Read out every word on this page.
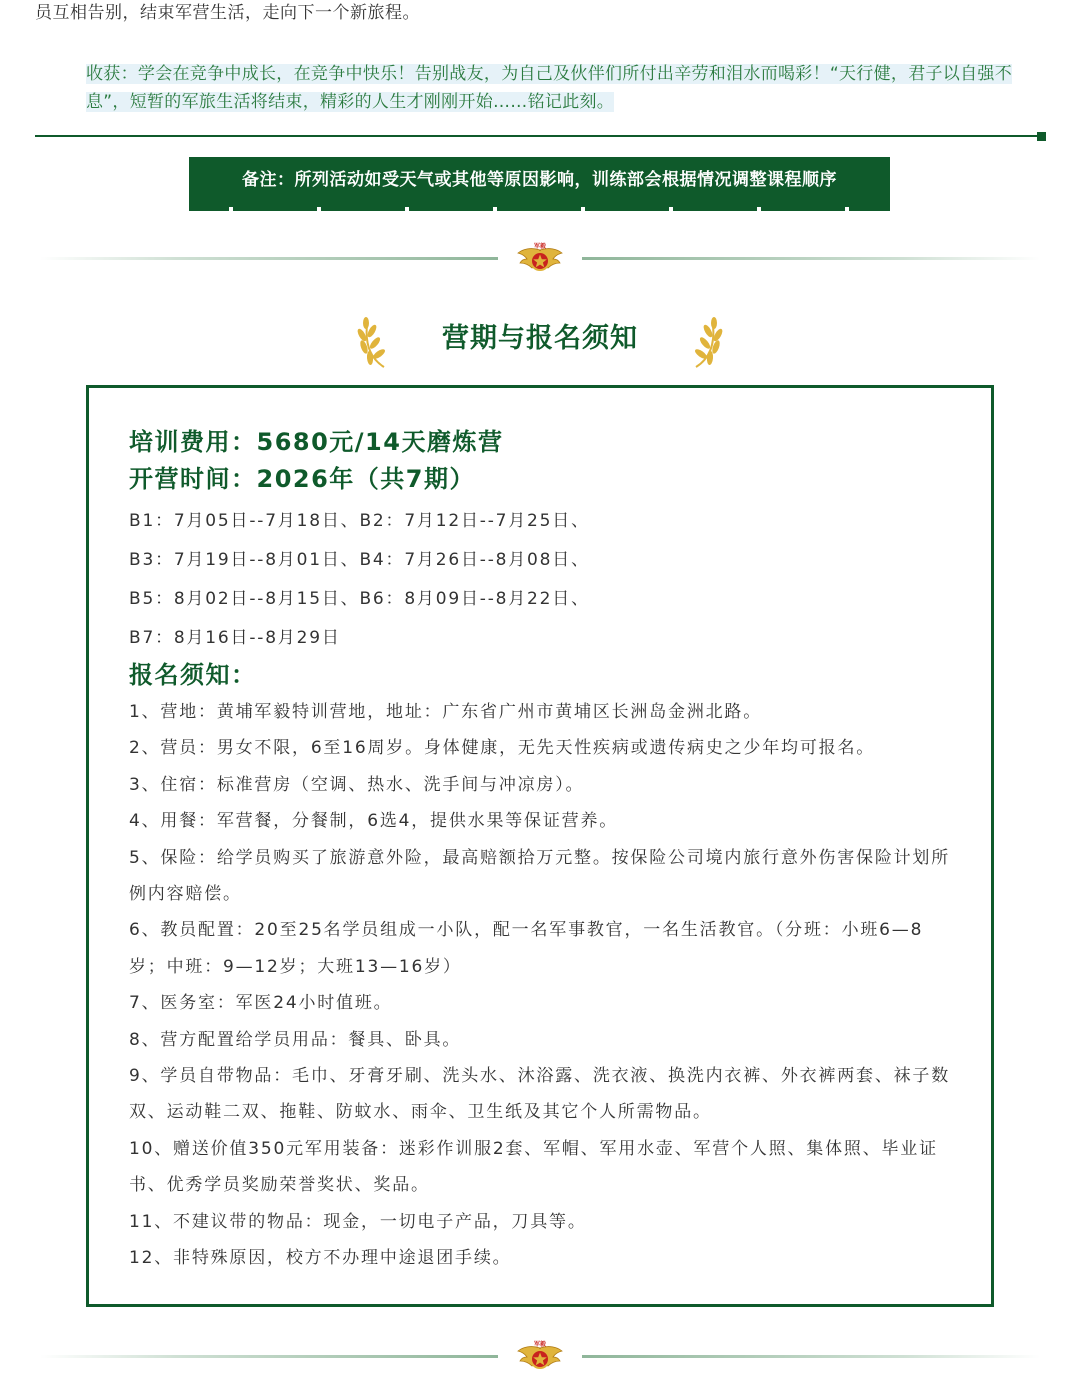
员互相告别，结束军营生活，走向下一个新旅程。
收获：学会在竞争中成长，在竞争中快乐！告别战友，为自己及伙伴们所付出辛劳和泪水而喝彩！“天行健，君子以自强不息”，短暂的军旅生活将结束，精彩的人生才刚刚开始……铭记此刻。
备注：所列活动如受天气或其他等原因影响，训练部会根据情况调整课程顺序
军毅
营期与报名须知
培训费用：5680元/14天磨炼营
开营时间：2026年（共7期）
B1：7月05日--7月18日、B2：7月12日--7月25日、
B3：7月19日--8月01日、B4：7月26日--8月08日、
B5：8月02日--8月15日、B6：8月09日--8月22日、
B7：8月16日--8月29日
报名须知：
1、营地：黄埔军毅特训营地，地址：广东省广州市黄埔区长洲岛金洲北路。
2、营员：男女不限，6至16周岁。身体健康，无先天性疾病或遗传病史之少年均可报名。
3、住宿：标准营房（空调、热水、洗手间与冲凉房）。
4、用餐：军营餐，分餐制，6选4，提供水果等保证营养。
5、保险：给学员购买了旅游意外险，最高赔额拾万元整。按保险公司境内旅行意外伤害保险计划所例内容赔偿。
6、教员配置：20至25名学员组成一小队，配一名军事教官，一名生活教官。（分班：小班6—8岁；中班：9—12岁；大班13—16岁）
7、医务室：军医24小时值班。
8、营方配置给学员用品：餐具、卧具。
9、学员自带物品：毛巾、牙膏牙刷、洗头水、沐浴露、洗衣液、换洗内衣裤、外衣裤两套、袜子数双、运动鞋二双、拖鞋、防蚊水、雨伞、卫生纸及其它个人所需物品。
10、赠送价值350元军用装备：迷彩作训服2套、军帽、军用水壶、军营个人照、集体照、毕业证书、优秀学员奖励荣誉奖状、奖品。
11、不建议带的物品：现金，一切电子产品，刀具等。
12、非特殊原因，校方不办理中途退团手续。
军毅
